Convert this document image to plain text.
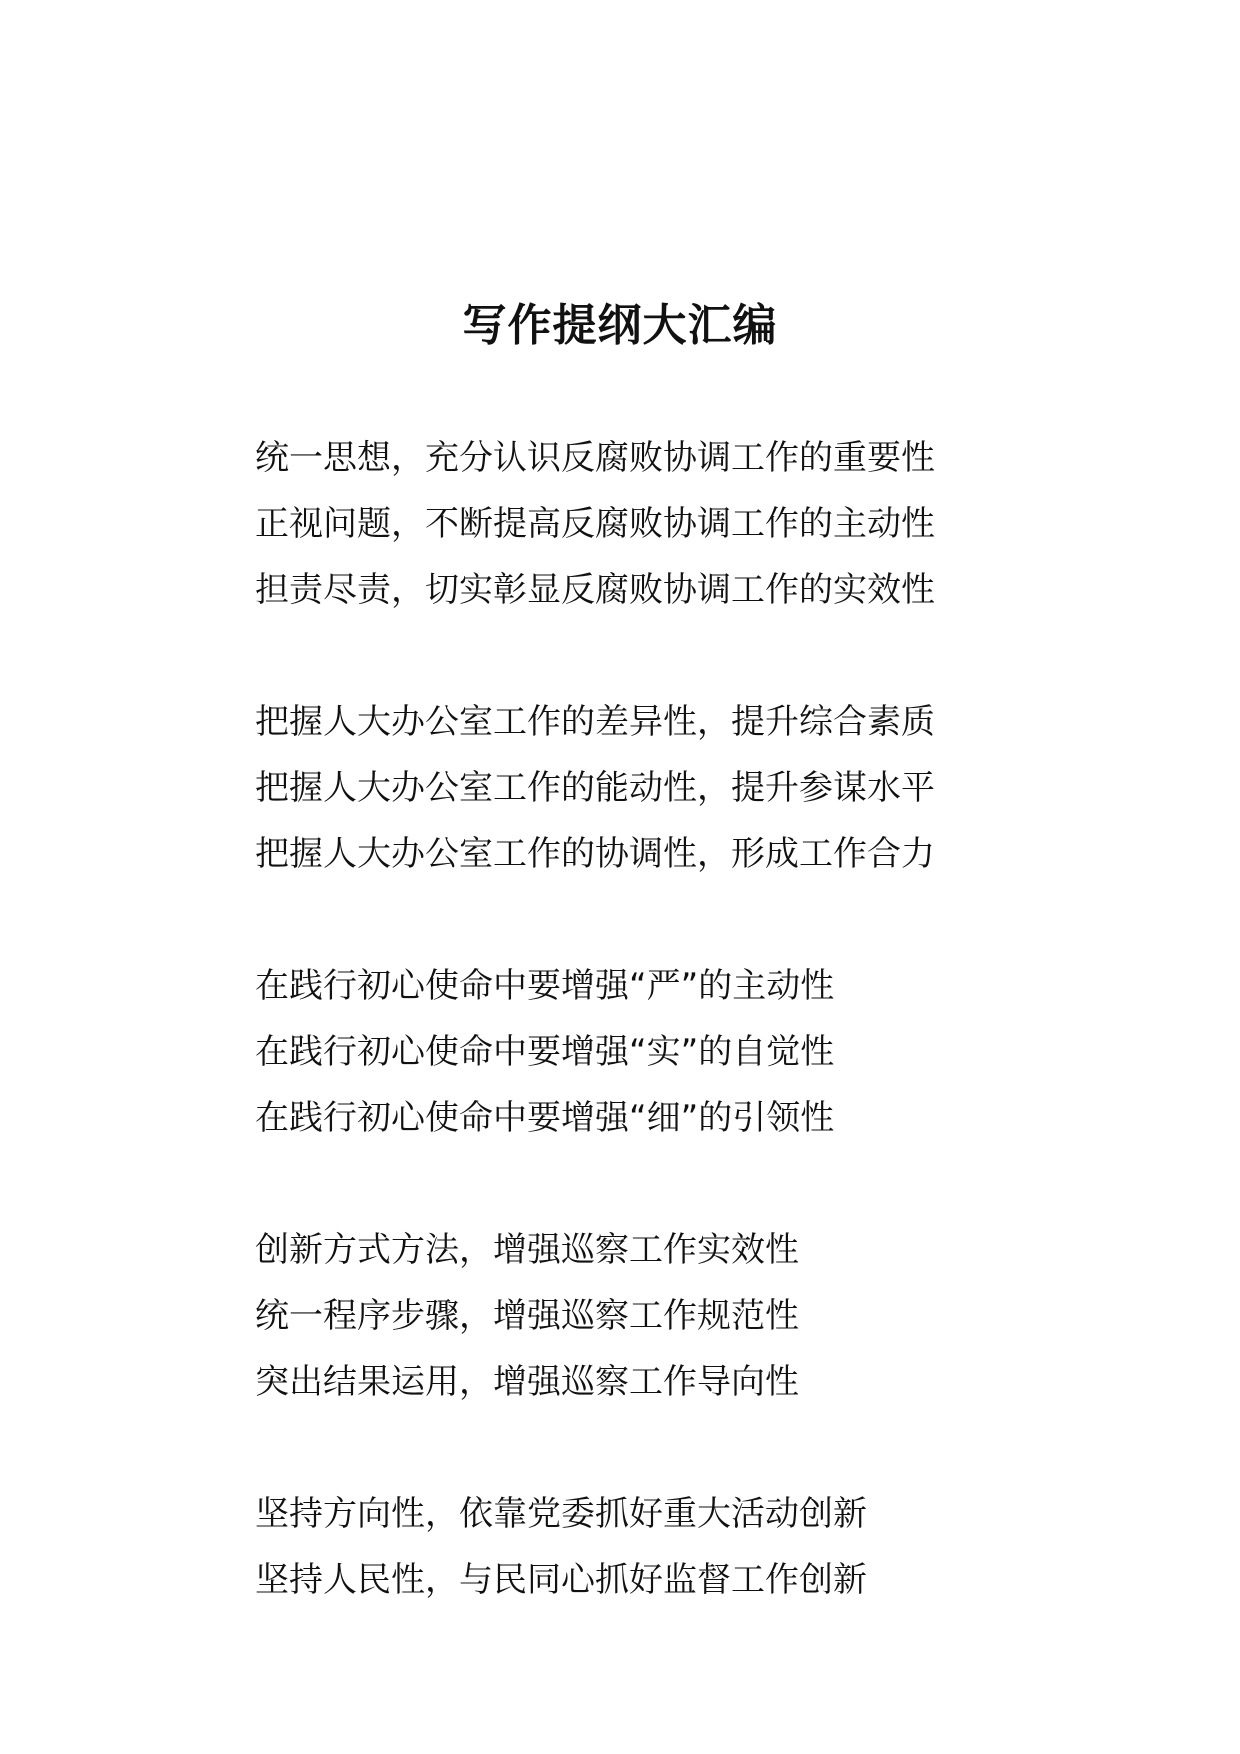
写作提纲大汇编
统一思想，充分认识反腐败协调工作的重要性
正视问题，不断提高反腐败协调工作的主动性
担责尽责，切实彰显反腐败协调工作的实效性
把握人大办公室工作的差异性，提升综合素质
把握人大办公室工作的能动性，提升参谋水平
把握人大办公室工作的协调性，形成工作合力
在践行初心使命中要增强“严”的主动性
在践行初心使命中要增强“实”的自觉性
在践行初心使命中要增强“细”的引领性
创新方式方法，增强巡察工作实效性
统一程序步骤，增强巡察工作规范性
突出结果运用，增强巡察工作导向性
坚持方向性，依靠党委抓好重大活动创新
坚持人民性，与民同心抓好监督工作创新
